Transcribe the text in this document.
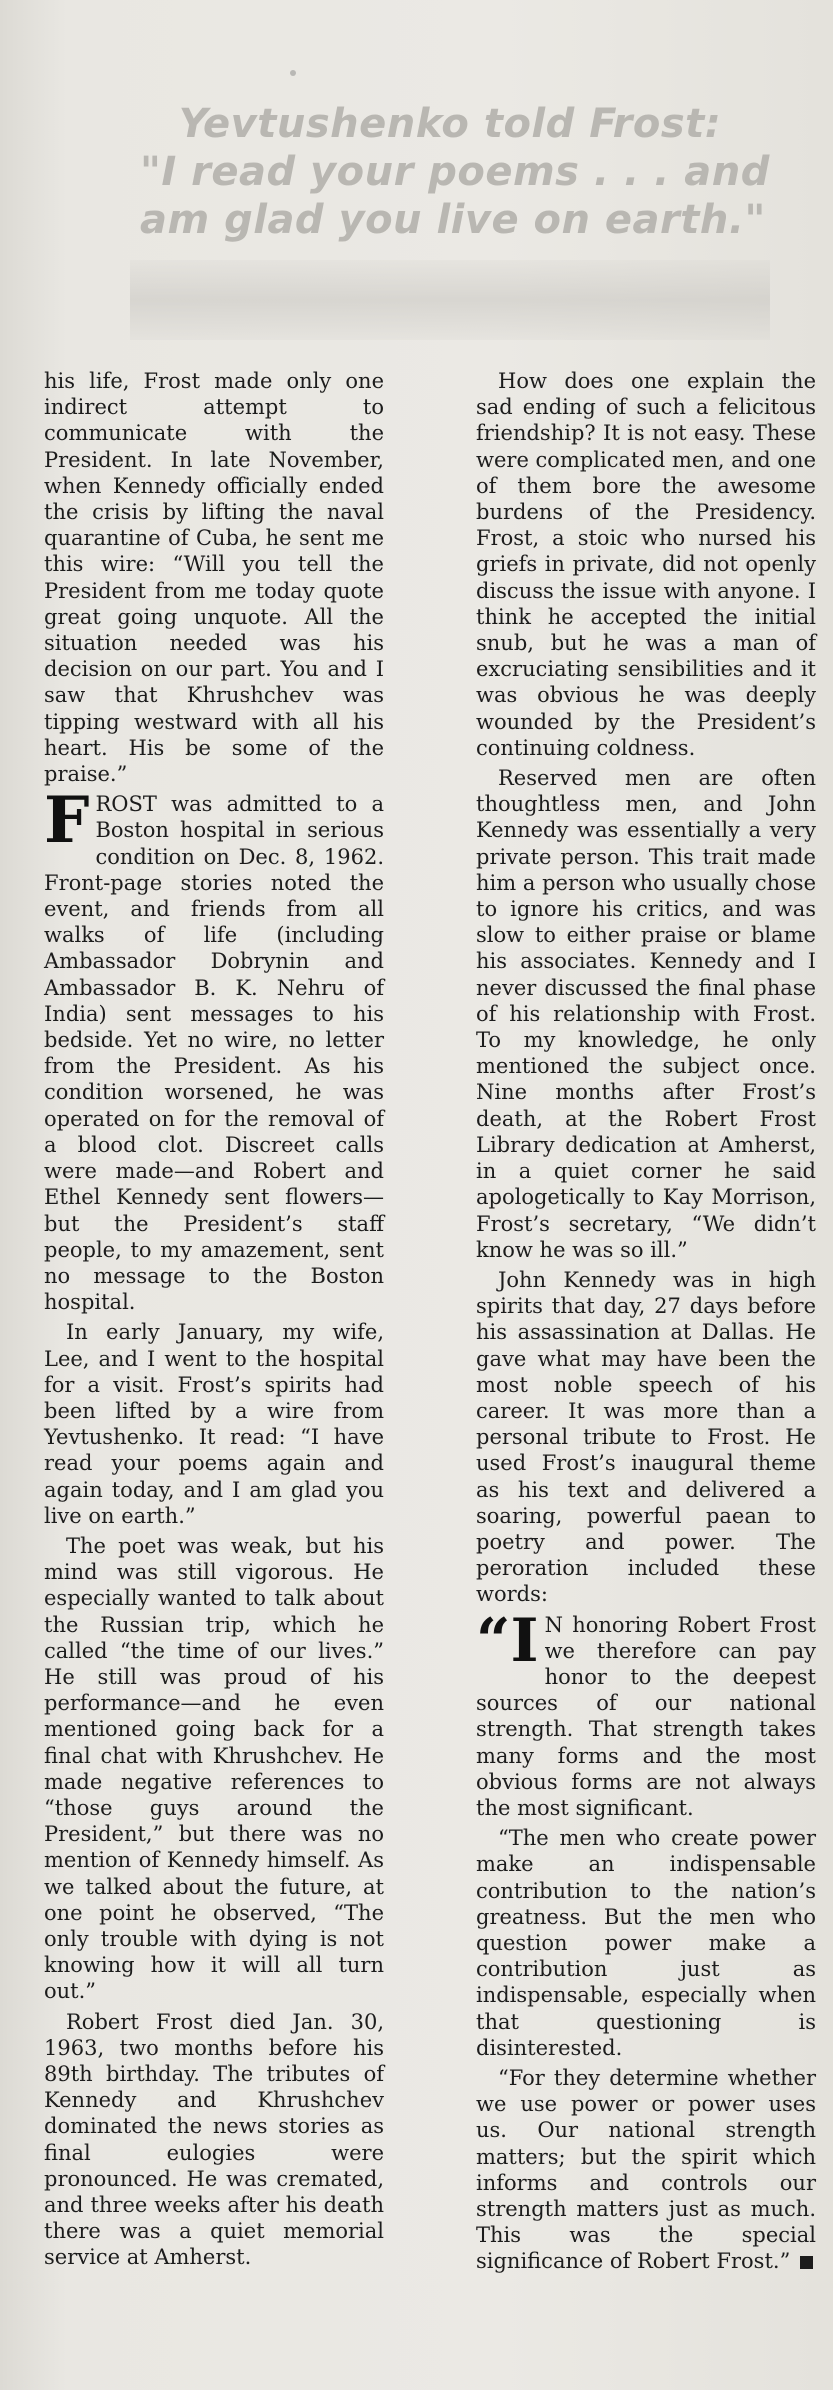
Yevtushenko told Frost:
"I read your poems . . . and
am glad you live on earth."

his life, Frost made only one indirect attempt to communicate with the President. In late November, when Kennedy officially ended the crisis by lifting the naval quarantine of Cuba, he sent me this wire: “Will you tell the President from me today quote great going unquote. All the situation needed was his decision on our part. You and I saw that Khrushchev was tipping westward with all his heart. His be some of the praise.”

FROST was admitted to a Boston hospital in serious condition on Dec. 8, 1962. Front-page stories noted the event, and friends from all walks of life (including Ambassador Dobrynin and Ambassador B. K. Nehru of India) sent messages to his bedside. Yet no wire, no letter from the President. As his condition worsened, he was operated on for the removal of a blood clot. Discreet calls were made—and Robert and Ethel Kennedy sent flowers—but the President’s staff people, to my amazement, sent no message to the Boston hospital.

In early January, my wife, Lee, and I went to the hospital for a visit. Frost’s spirits had been lifted by a wire from Yevtushenko. It read: “I have read your poems again and again today, and I am glad you live on earth.”

The poet was weak, but his mind was still vigorous. He especially wanted to talk about the Russian trip, which he called “the time of our lives.” He still was proud of his performance—and he even mentioned going back for a final chat with Khrushchev. He made negative references to “those guys around the President,” but there was no mention of Kennedy himself. As we talked about the future, at one point he observed, “The only trouble with dying is not knowing how it will all turn out.”

Robert Frost died Jan. 30, 1963, two months before his 89th birthday. The tributes of Kennedy and Khrushchev dominated the news stories as final eulogies were pronounced. He was cremated, and three weeks after his death there was a quiet memorial service at Amherst.

How does one explain the sad ending of such a felicitous friendship? It is not easy. These were complicated men, and one of them bore the awesome burdens of the Presidency. Frost, a stoic who nursed his griefs in private, did not openly discuss the issue with anyone. I think he accepted the initial snub, but he was a man of excruciating sensibilities and it was obvious he was deeply wounded by the President’s continuing coldness.

Reserved men are often thoughtless men, and John Kennedy was essentially a very private person. This trait made him a person who usually chose to ignore his critics, and was slow to either praise or blame his associates. Kennedy and I never discussed the final phase of his relationship with Frost. To my knowledge, he only mentioned the subject once. Nine months after Frost’s death, at the Robert Frost Library dedication at Amherst, in a quiet corner he said apologetically to Kay Morrison, Frost’s secretary, “We didn’t know he was so ill.”

John Kennedy was in high spirits that day, 27 days before his assassination at Dallas. He gave what may have been the most noble speech of his career. It was more than a personal tribute to Frost. He used Frost’s inaugural theme as his text and delivered a soaring, powerful paean to poetry and power. The peroration included these words:

“I N honoring Robert Frost we therefore can pay honor to the deepest sources of our national strength. That strength takes many forms and the most obvious forms are not always the most significant.

“The men who create power make an indispensable contribution to the nation’s greatness. But the men who question power make a contribution just as indispensable, especially when that questioning is disinterested.

“For they determine whether we use power or power uses us. Our national strength matters; but the spirit which informs and controls our strength matters just as much. This was the special significance of Robert Frost.”
